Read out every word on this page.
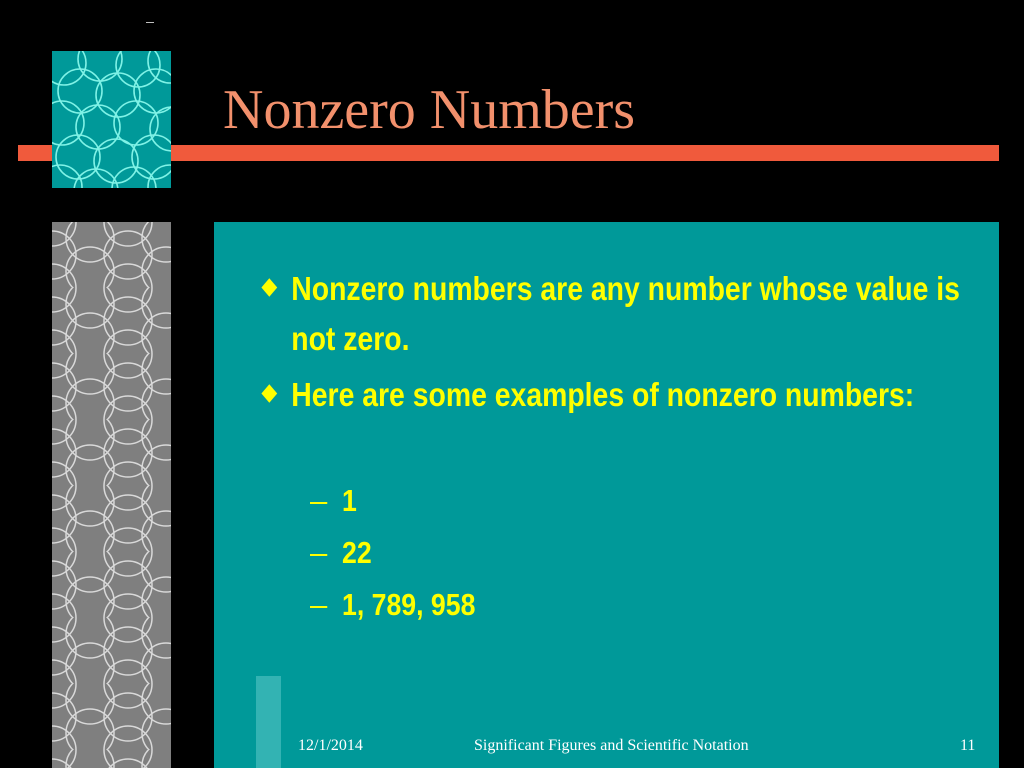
Nonzero Numbers
Nonzero numbers are any number whose value is not zero.
Here are some examples of nonzero numbers:
– 1
– 22
– 1, 789, 958
12/1/2014	Significant Figures and Scientific Notation	11
